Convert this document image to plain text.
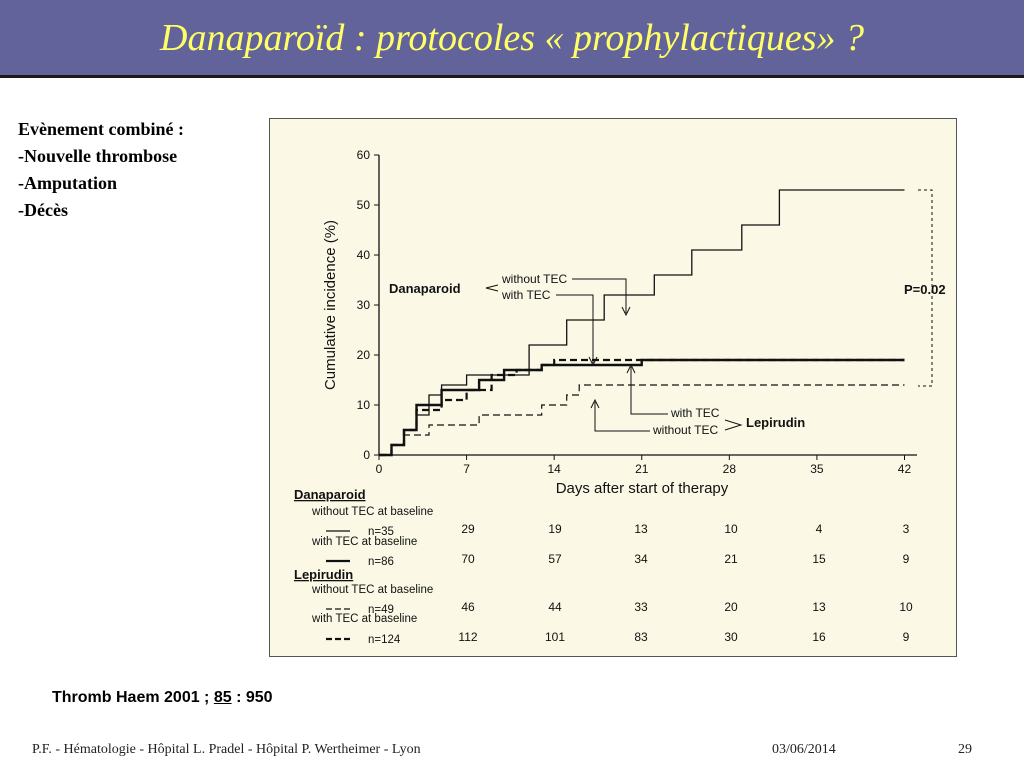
Danaparoïd : protocoles « prophylactiques» ?
Evènement combiné :
-Nouvelle thrombose
-Amputation
-Décès
0
10
20
30
40
50
60
0	7	14	21	28	35	42
Days after start of therapy
Cumulative incidence (%)	Danaparoid
without TEC
with TEC
with TEC
without TEC Lepirudin
P=0.02
Danaparoid
without TEC at baseline
n=35	29	19	13	10	4	3
with TEC at baseline
n=86	70	57	34	21	15	9
Lepirudin
without TEC at baseline
n=49	46	44	33	20	13	10
with TEC at baseline
n=124	112	101	83	30	16	9
Thromb Haem 2001 ; 85 : 950
P.F. - Hématologie - Hôpital L. Pradel - Hôpital P. Wertheimer - Lyon	03/06/2014	29
